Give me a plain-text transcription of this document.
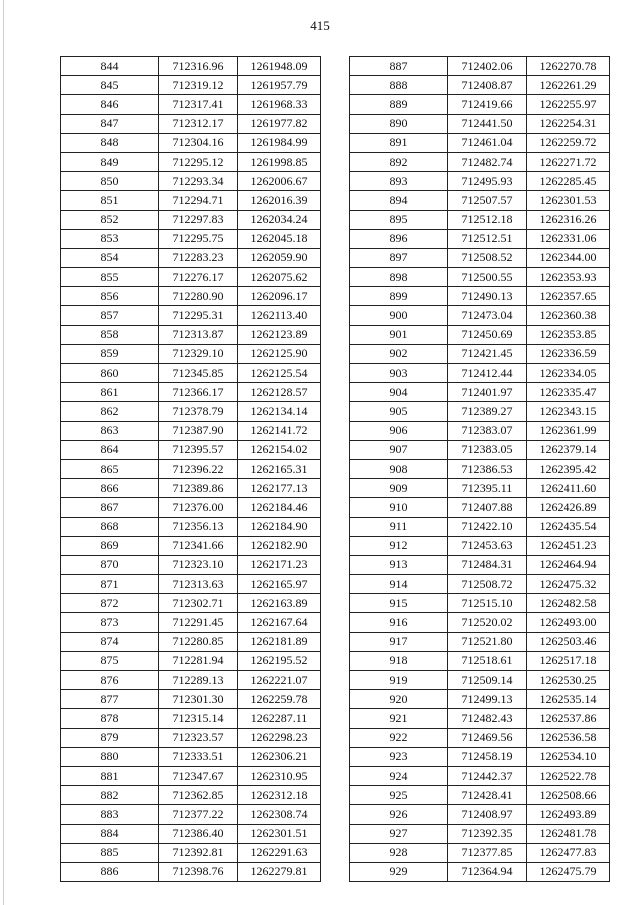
415
844	712316.96	1261948.09
845	712319.12	1261957.79
846	712317.41	1261968.33
847	712312.17	1261977.82
848	712304.16	1261984.99
849	712295.12	1261998.85
850	712293.34	1262006.67
851	712294.71	1262016.39
852	712297.83	1262034.24
853	712295.75	1262045.18
854	712283.23	1262059.90
855	712276.17	1262075.62
856	712280.90	1262096.17
857	712295.31	1262113.40
858	712313.87	1262123.89
859	712329.10	1262125.90
860	712345.85	1262125.54
861	712366.17	1262128.57
862	712378.79	1262134.14
863	712387.90	1262141.72
864	712395.57	1262154.02
865	712396.22	1262165.31
866	712389.86	1262177.13
867	712376.00	1262184.46
868	712356.13	1262184.90
869	712341.66	1262182.90
870	712323.10	1262171.23
871	712313.63	1262165.97
872	712302.71	1262163.89
873	712291.45	1262167.64
874	712280.85	1262181.89
875	712281.94	1262195.52
876	712289.13	1262221.07
877	712301.30	1262259.78
878	712315.14	1262287.11
879	712323.57	1262298.23
880	712333.51	1262306.21
881	712347.67	1262310.95
882	712362.85	1262312.18
883	712377.22	1262308.74
884	712386.40	1262301.51
885	712392.81	1262291.63
886	712398.76	1262279.81
887	712402.06	1262270.78
888	712408.87	1262261.29
889	712419.66	1262255.97
890	712441.50	1262254.31
891	712461.04	1262259.72
892	712482.74	1262271.72
893	712495.93	1262285.45
894	712507.57	1262301.53
895	712512.18	1262316.26
896	712512.51	1262331.06
897	712508.52	1262344.00
898	712500.55	1262353.93
899	712490.13	1262357.65
900	712473.04	1262360.38
901	712450.69	1262353.85
902	712421.45	1262336.59
903	712412.44	1262334.05
904	712401.97	1262335.47
905	712389.27	1262343.15
906	712383.07	1262361.99
907	712383.05	1262379.14
908	712386.53	1262395.42
909	712395.11	1262411.60
910	712407.88	1262426.89
911	712422.10	1262435.54
912	712453.63	1262451.23
913	712484.31	1262464.94
914	712508.72	1262475.32
915	712515.10	1262482.58
916	712520.02	1262493.00
917	712521.80	1262503.46
918	712518.61	1262517.18
919	712509.14	1262530.25
920	712499.13	1262535.14
921	712482.43	1262537.86
922	712469.56	1262536.58
923	712458.19	1262534.10
924	712442.37	1262522.78
925	712428.41	1262508.66
926	712408.97	1262493.89
927	712392.35	1262481.78
928	712377.85	1262477.83
929	712364.94	1262475.79
